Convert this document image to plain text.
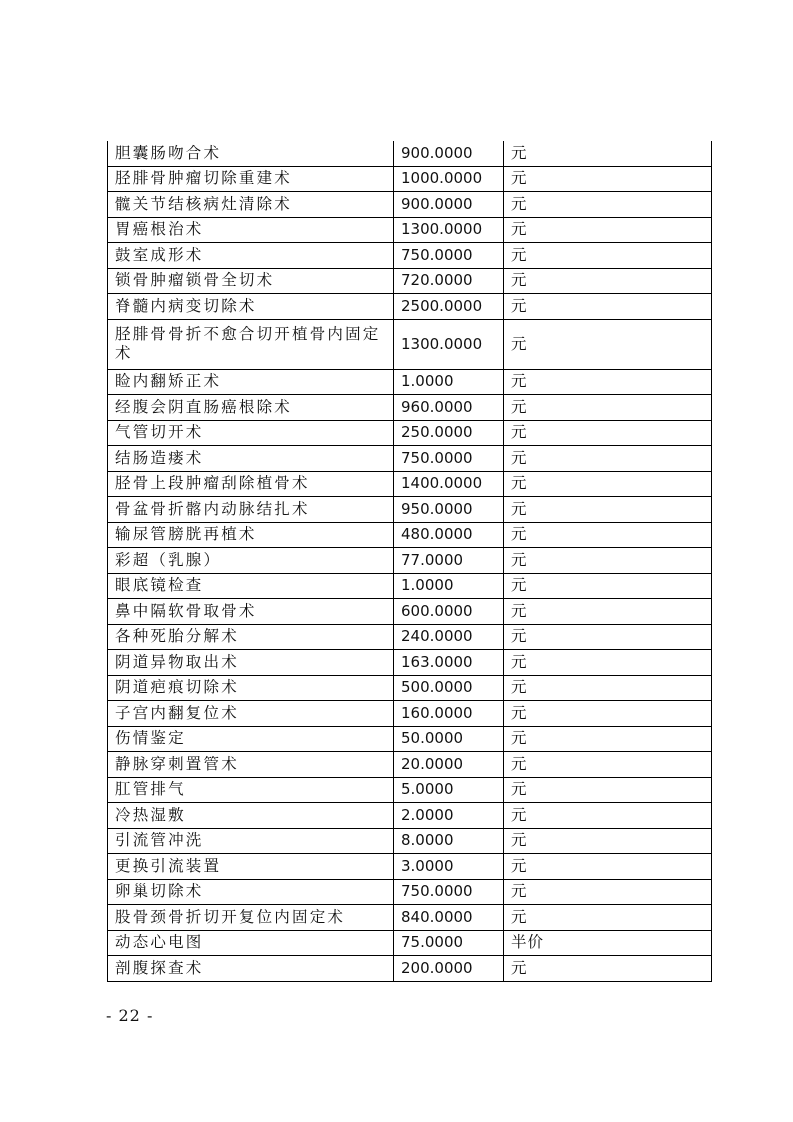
胆囊肠吻合术	900.0000	元
胫腓骨肿瘤切除重建术	1000.0000	元
髋关节结核病灶清除术	900.0000	元
胃癌根治术	1300.0000	元
鼓室成形术	750.0000	元
锁骨肿瘤锁骨全切术	720.0000	元
脊髓内病变切除术	2500.0000	元
胫腓骨骨折不愈合切开植骨内固定术	1300.0000	元
睑内翻矫正术	1.0000	元
经腹会阴直肠癌根除术	960.0000	元
气管切开术	250.0000	元
结肠造瘘术	750.0000	元
胫骨上段肿瘤刮除植骨术	1400.0000	元
骨盆骨折髂内动脉结扎术	950.0000	元
输尿管膀胱再植术	480.0000	元
彩超（乳腺）	77.0000	元
眼底镜检查	1.0000	元
鼻中隔软骨取骨术	600.0000	元
各种死胎分解术	240.0000	元
阴道异物取出术	163.0000	元
阴道疤痕切除术	500.0000	元
子宫内翻复位术	160.0000	元
伤情鉴定	50.0000	元
静脉穿刺置管术	20.0000	元
肛管排气	5.0000	元
冷热湿敷	2.0000	元
引流管冲洗	8.0000	元
更换引流装置	3.0000	元
卵巢切除术	750.0000	元
股骨颈骨折切开复位内固定术	840.0000	元
动态心电图	75.0000	半价
剖腹探查术	200.0000	元
- 22 -
